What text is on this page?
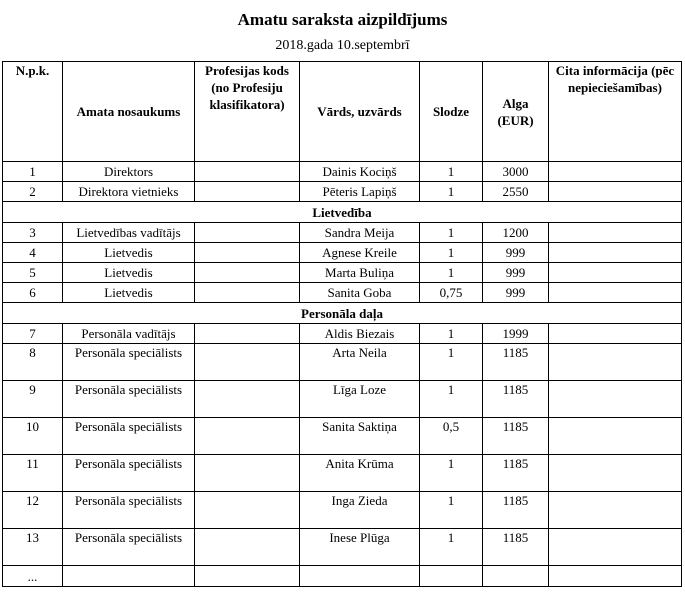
Amatu saraksta aizpildījums
2018.gada 10.septembrī
N.p.k.	Amata nosaukums	Profesijas kods (no Profesiju klasifikatora)	Vārds, uzvārds	Slodze	Alga (EUR)	Cita informācija (pēc nepieciešamības)
1	Direktors		Dainis Kociņš	1	3000	
2	Direktora vietnieks		Pēteris Lapiņš	1	2550	
Lietvedība						
3	Lietvedības vadītājs		Sandra Meija	1	1200	
4	Lietvedis		Agnese Kreile	1	999	
5	Lietvedis		Marta Buliņa	1	999	
6	Lietvedis		Sanita Goba	0,75	999	
Personāla daļa						
7	Personāla vadītājs		Aldis Biezais	1	1999	
8	Personāla speciālists		Arta Neila	1	1185	
9	Personāla speciālists		Līga Loze	1	1185	
10	Personāla speciālists		Sanita Saktiņa	0,5	1185	
11	Personāla speciālists		Anita Krūma	1	1185	
12	Personāla speciālists		Inga Zieda	1	1185	
13	Personāla speciālists		Inese Plūga	1	1185	
...						
